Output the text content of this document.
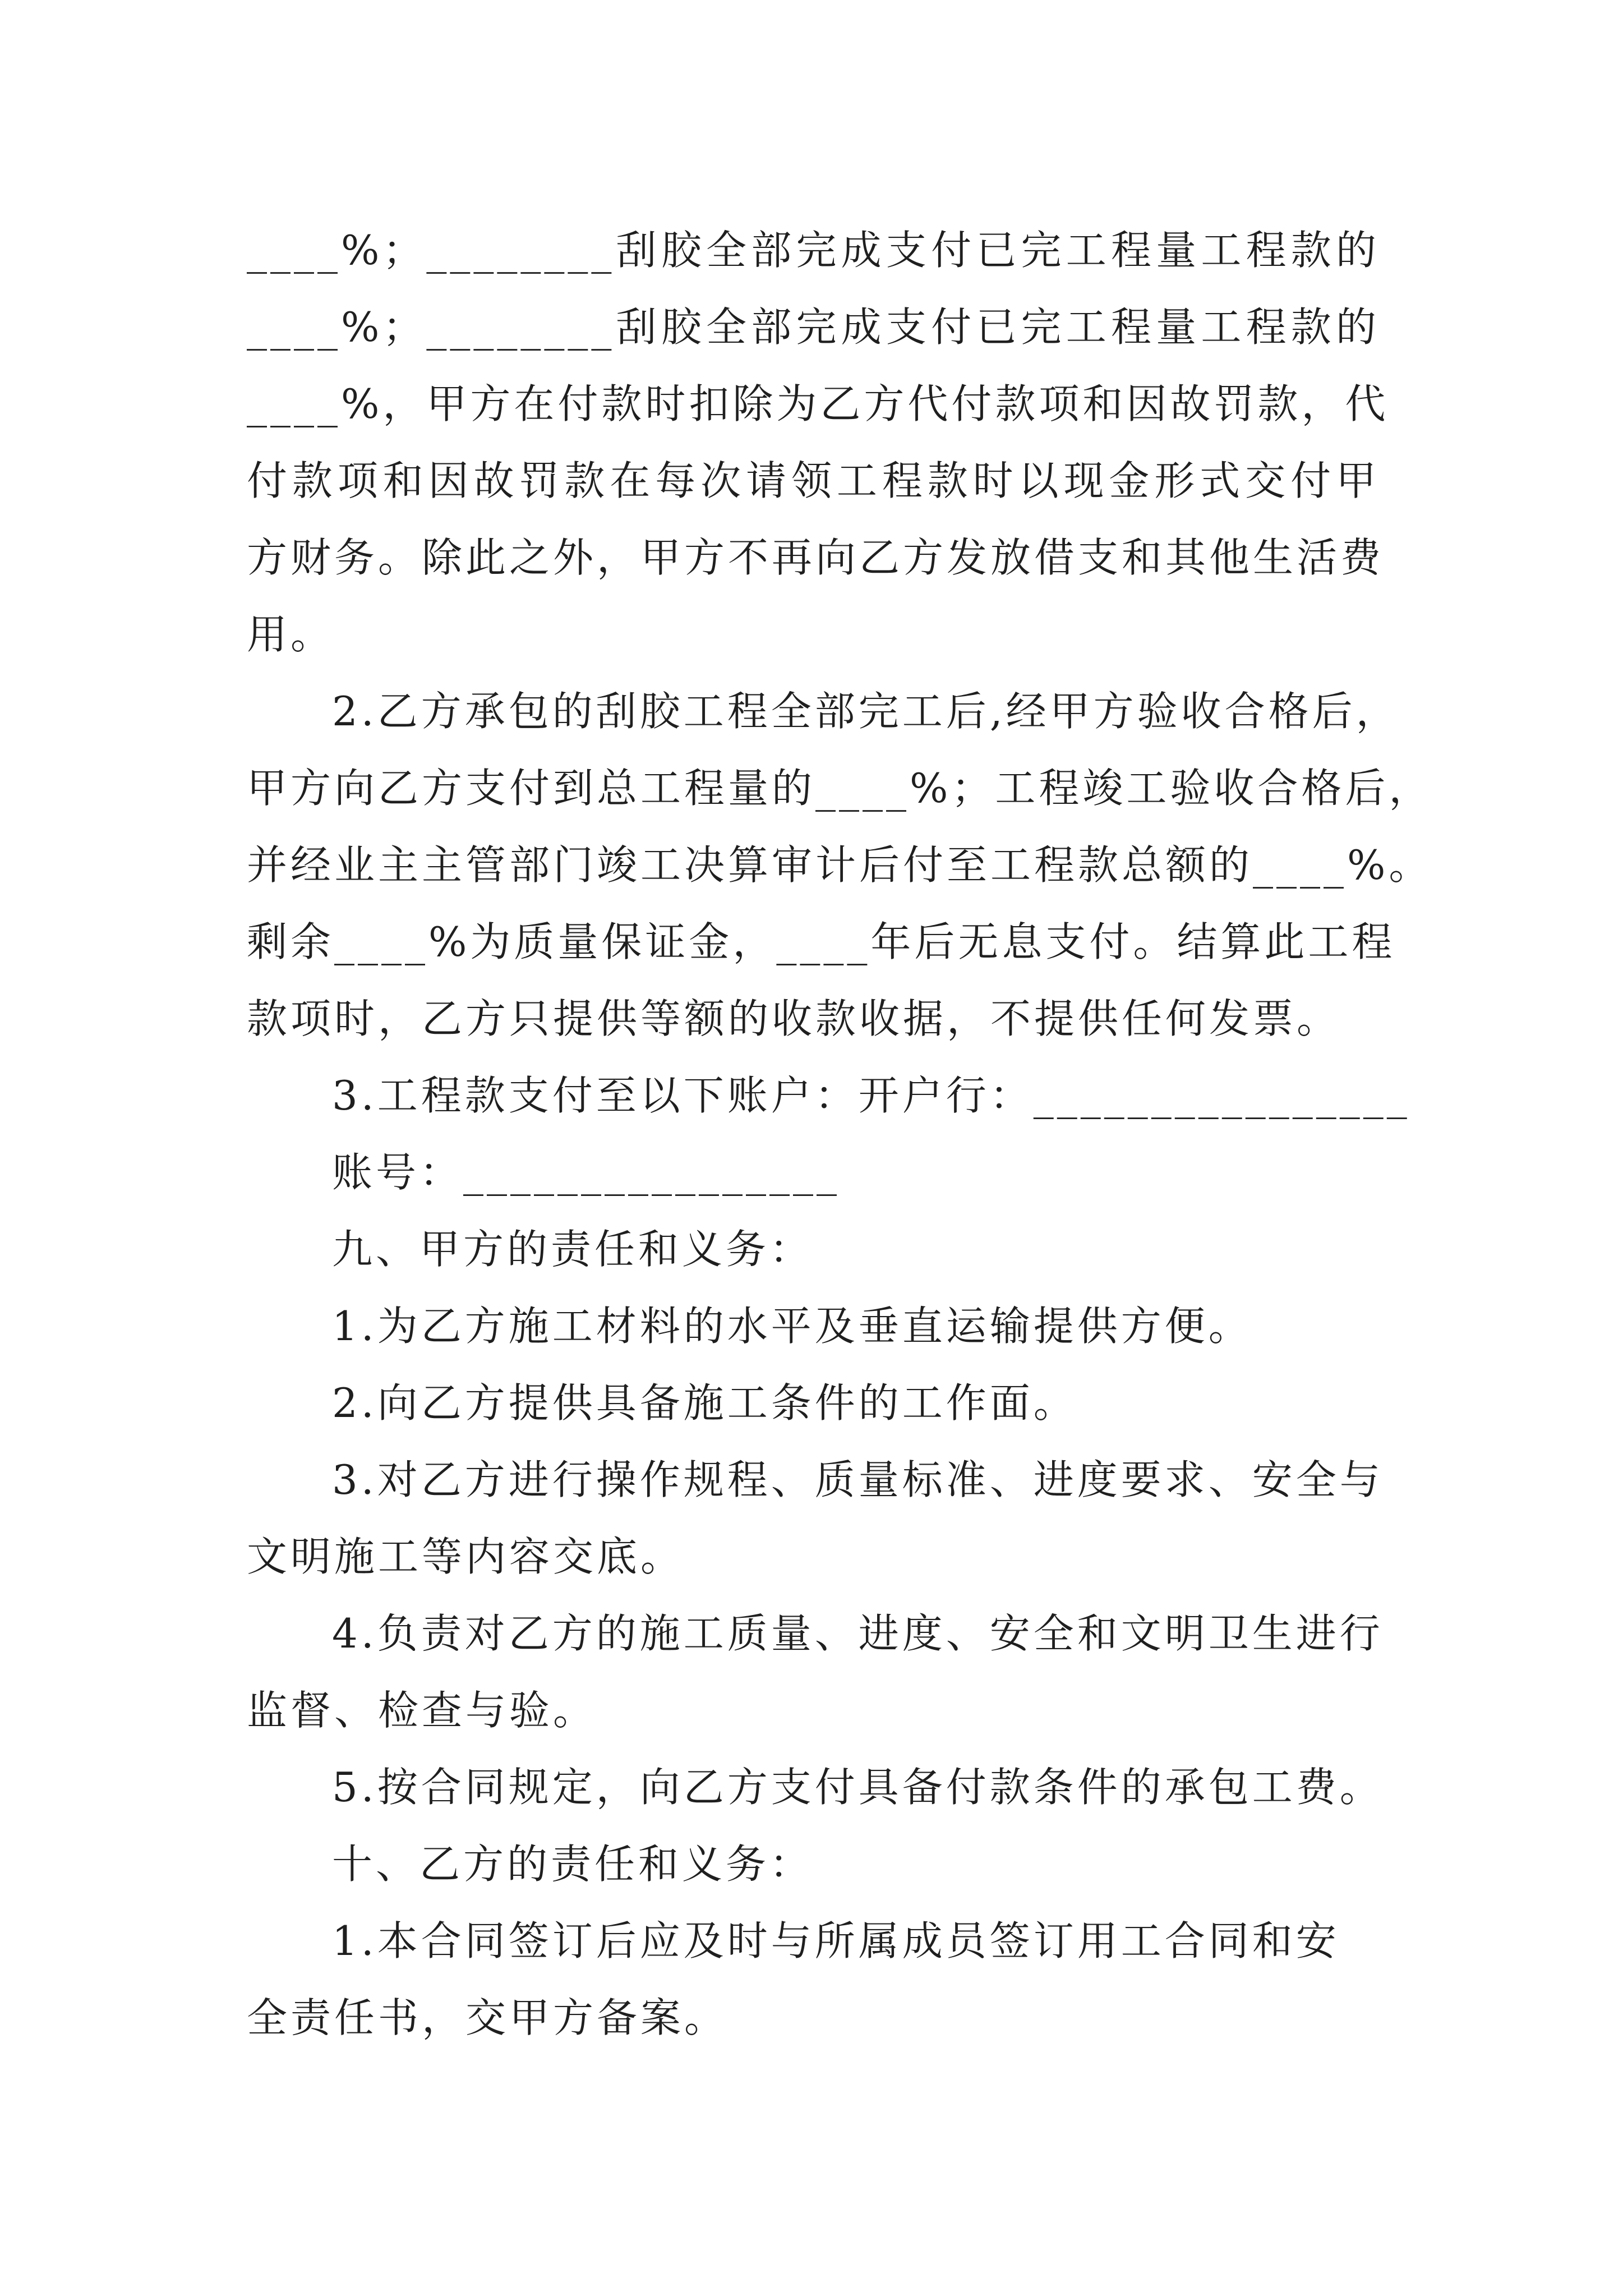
____%；________刮胶全部完成支付已完工程量工程款的
____%；________刮胶全部完成支付已完工程量工程款的
____%，甲方在付款时扣除为乙方代付款项和因故罚款，代
付款项和因故罚款在每次请领工程款时以现金形式交付甲
方财务。除此之外，甲方不再向乙方发放借支和其他生活费
用。
2.乙方承包的刮胶工程全部完工后,经甲方验收合格后，
甲方向乙方支付到总工程量的____%；工程竣工验收合格后，
并经业主主管部门竣工决算审计后付至工程款总额的____%。
剩余____%为质量保证金，____年后无息支付。结算此工程
款项时，乙方只提供等额的收款收据，不提供任何发票。
3.工程款支付至以下账户：开户行：________________
账号：________________
九、甲方的责任和义务：
1.为乙方施工材料的水平及垂直运输提供方便。
2.向乙方提供具备施工条件的工作面。
3.对乙方进行操作规程、质量标准、进度要求、安全与
文明施工等内容交底。
4.负责对乙方的施工质量、进度、安全和文明卫生进行
监督、检查与验。
5.按合同规定，向乙方支付具备付款条件的承包工费。
十、乙方的责任和义务：
1.本合同签订后应及时与所属成员签订用工合同和安
全责任书，交甲方备案。
